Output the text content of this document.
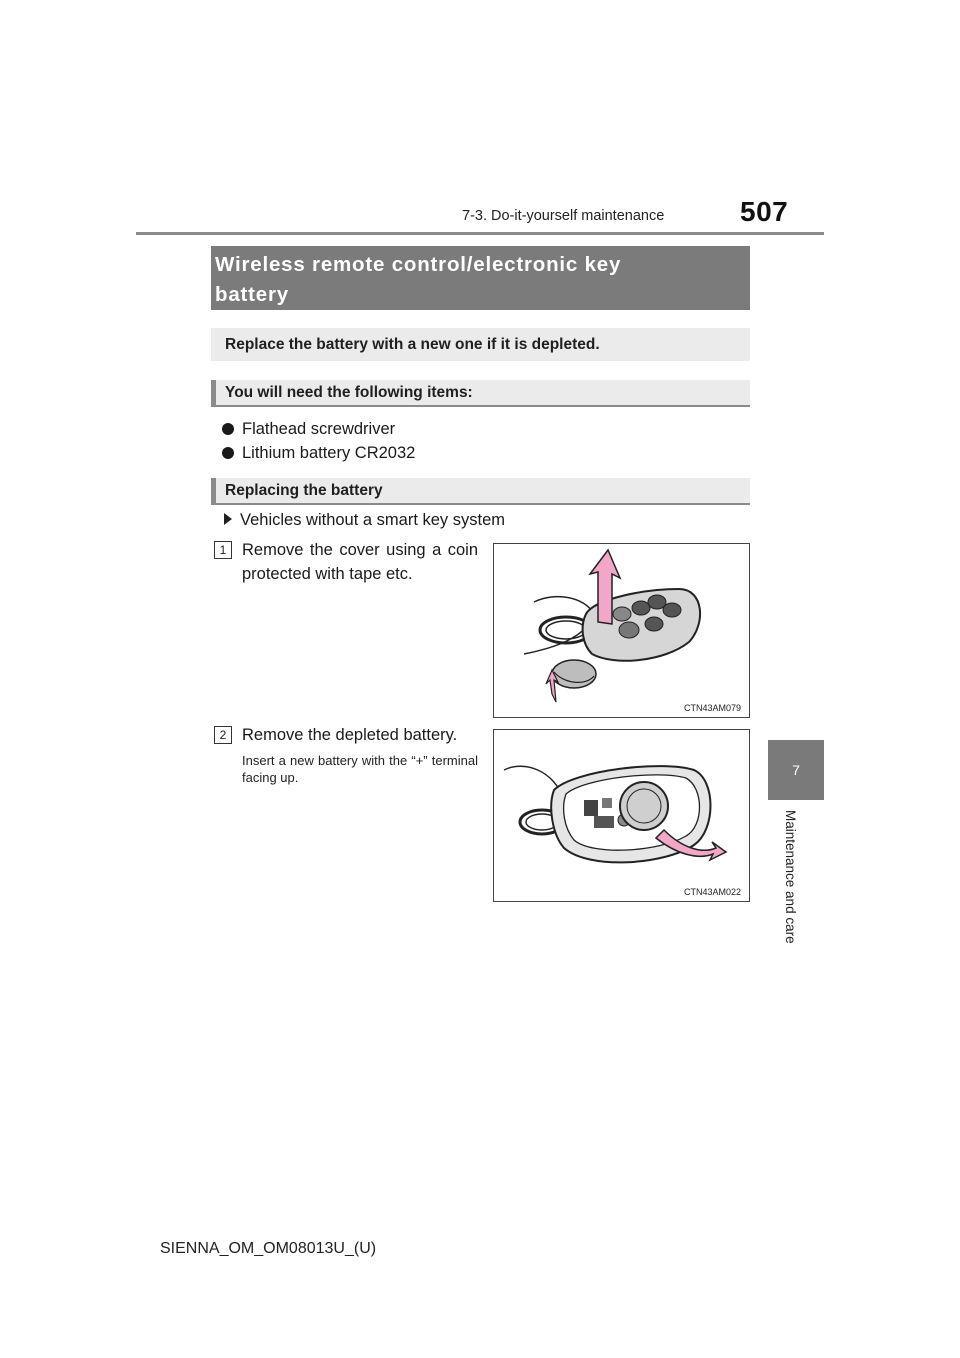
7-3. Do-it-yourself maintenance	507
7
Maintenance and care
Wireless remote control/electronic key
battery
Replace the battery with a new one if it is depleted.
You will need the following items:
Flathead screwdriver
Lithium battery CR2032
Replacing the battery
Vehicles without a smart key system
1 Remove the cover using a coin protected with tape etc.
CTN43AM079
2 Remove the depleted battery.
Insert a new battery with the “+” terminal facing up.
CTN43AM022
SIENNA_OM_OM08013U_(U)
